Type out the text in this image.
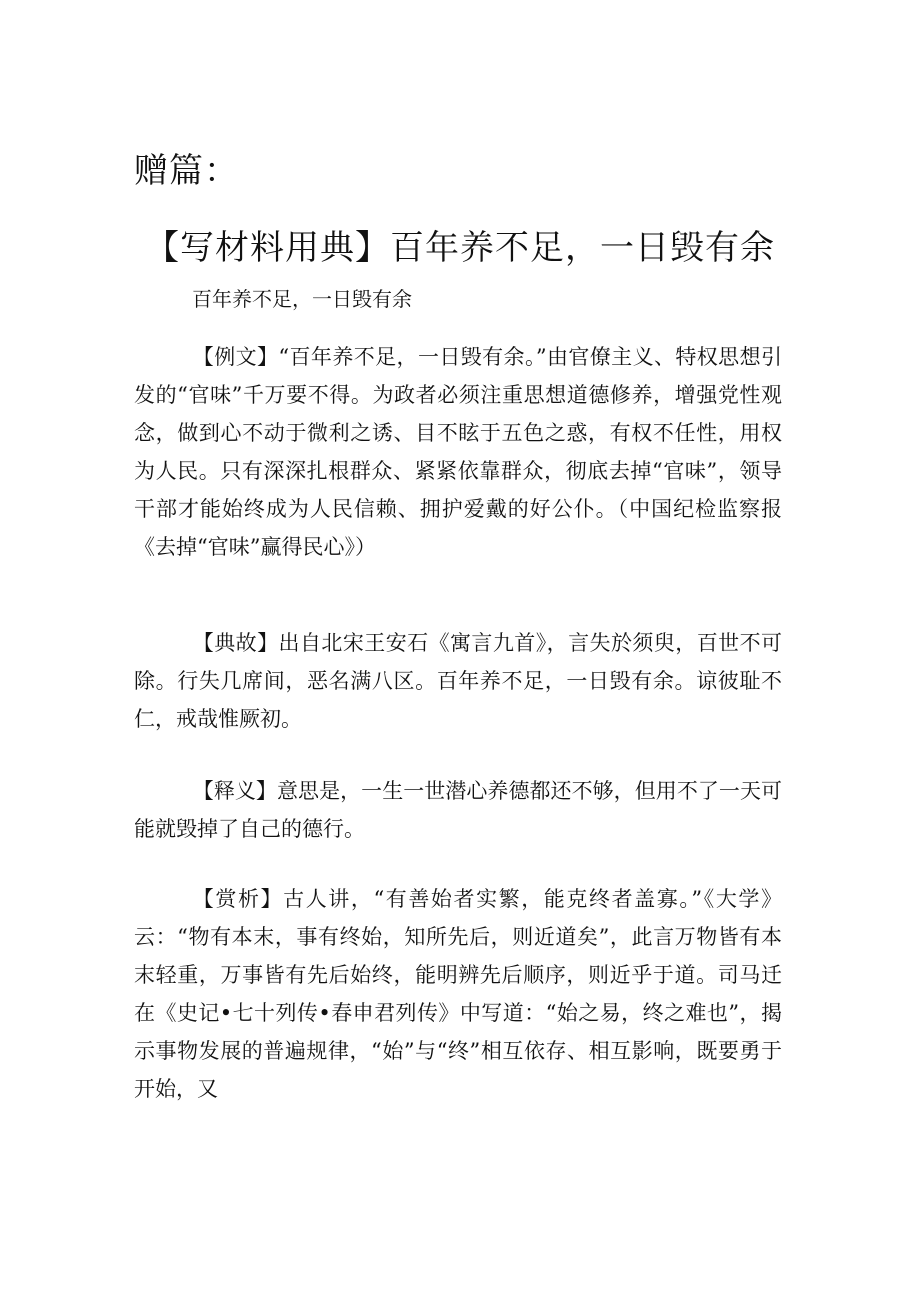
赠篇：
【写材料用典】百年养不足，一日毁有余

百年养不足，一日毁有余

【例文】“百年养不足，一日毁有余。”由官僚主义、特权思想引发的“官味”千万要不得。为政者必须注重思想道德修养，增强党性观念，做到心不动于微利之诱、目不眩于五色之惑，有权不任性，用权为人民。只有深深扎根群众、紧紧依靠群众，彻底去掉“官味”，领导干部才能始终成为人民信赖、拥护爱戴的好公仆。（中国纪检监察报《去掉“官味”赢得民心》）

【典故】出自北宋王安石《寓言九首》，言失於须臾，百世不可除。行失几席间，恶名满八区。百年养不足，一日毁有余。谅彼耻不仁，戒哉惟厥初。

【释义】意思是，一生一世潜心养德都还不够，但用不了一天可能就毁掉了自己的德行。

【赏析】古人讲，“有善始者实繁，能克终者盖寡。”《大学》云：“物有本末，事有终始，知所先后，则近道矣”，此言万物皆有本末轻重，万事皆有先后始终，能明辨先后顺序，则近乎于道。司马迁在《史记•七十列传•春申君列传》中写道：“始之易，终之难也”，揭示事物发展的普遍规律，“始”与“终”相互依存、相互影响，既要勇于开始，又
